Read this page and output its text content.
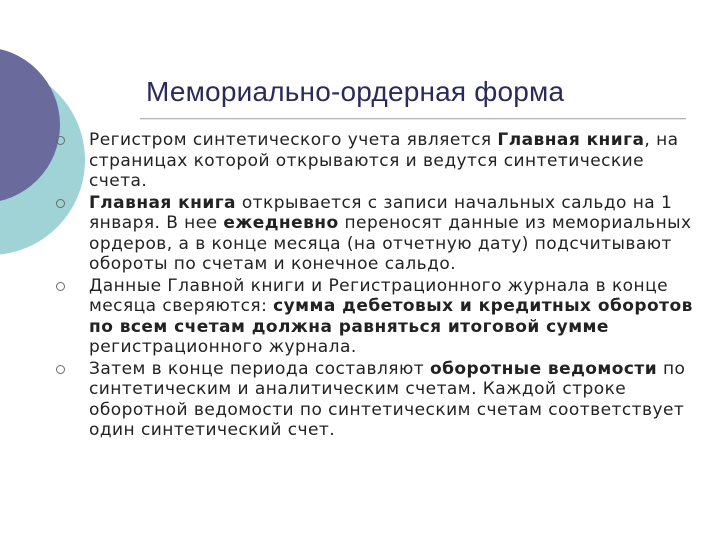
Мемориально-ордерная форма
Регистром синтетического учета является Главная книга, на страницах которой открываются и ведутся синтетические счета.
Главная книга открывается с записи начальных сальдо на 1 января. В нее ежедневно переносят данные из мемориальных ордеров, а в конце месяца (на отчетную дату) подсчитывают обороты по счетам и конечное сальдо.
Данные Главной книги и Регистрационного журнала в конце месяца сверяются: сумма дебетовых и кредитных оборотов по всем счетам должна равняться итоговой сумме регистрационного журнала.
Затем в конце периода составляют оборотные ведомости по синтетическим и аналитическим счетам. Каждой строке оборотной ведомости по синтетическим счетам соответствует один синтетический счет.
